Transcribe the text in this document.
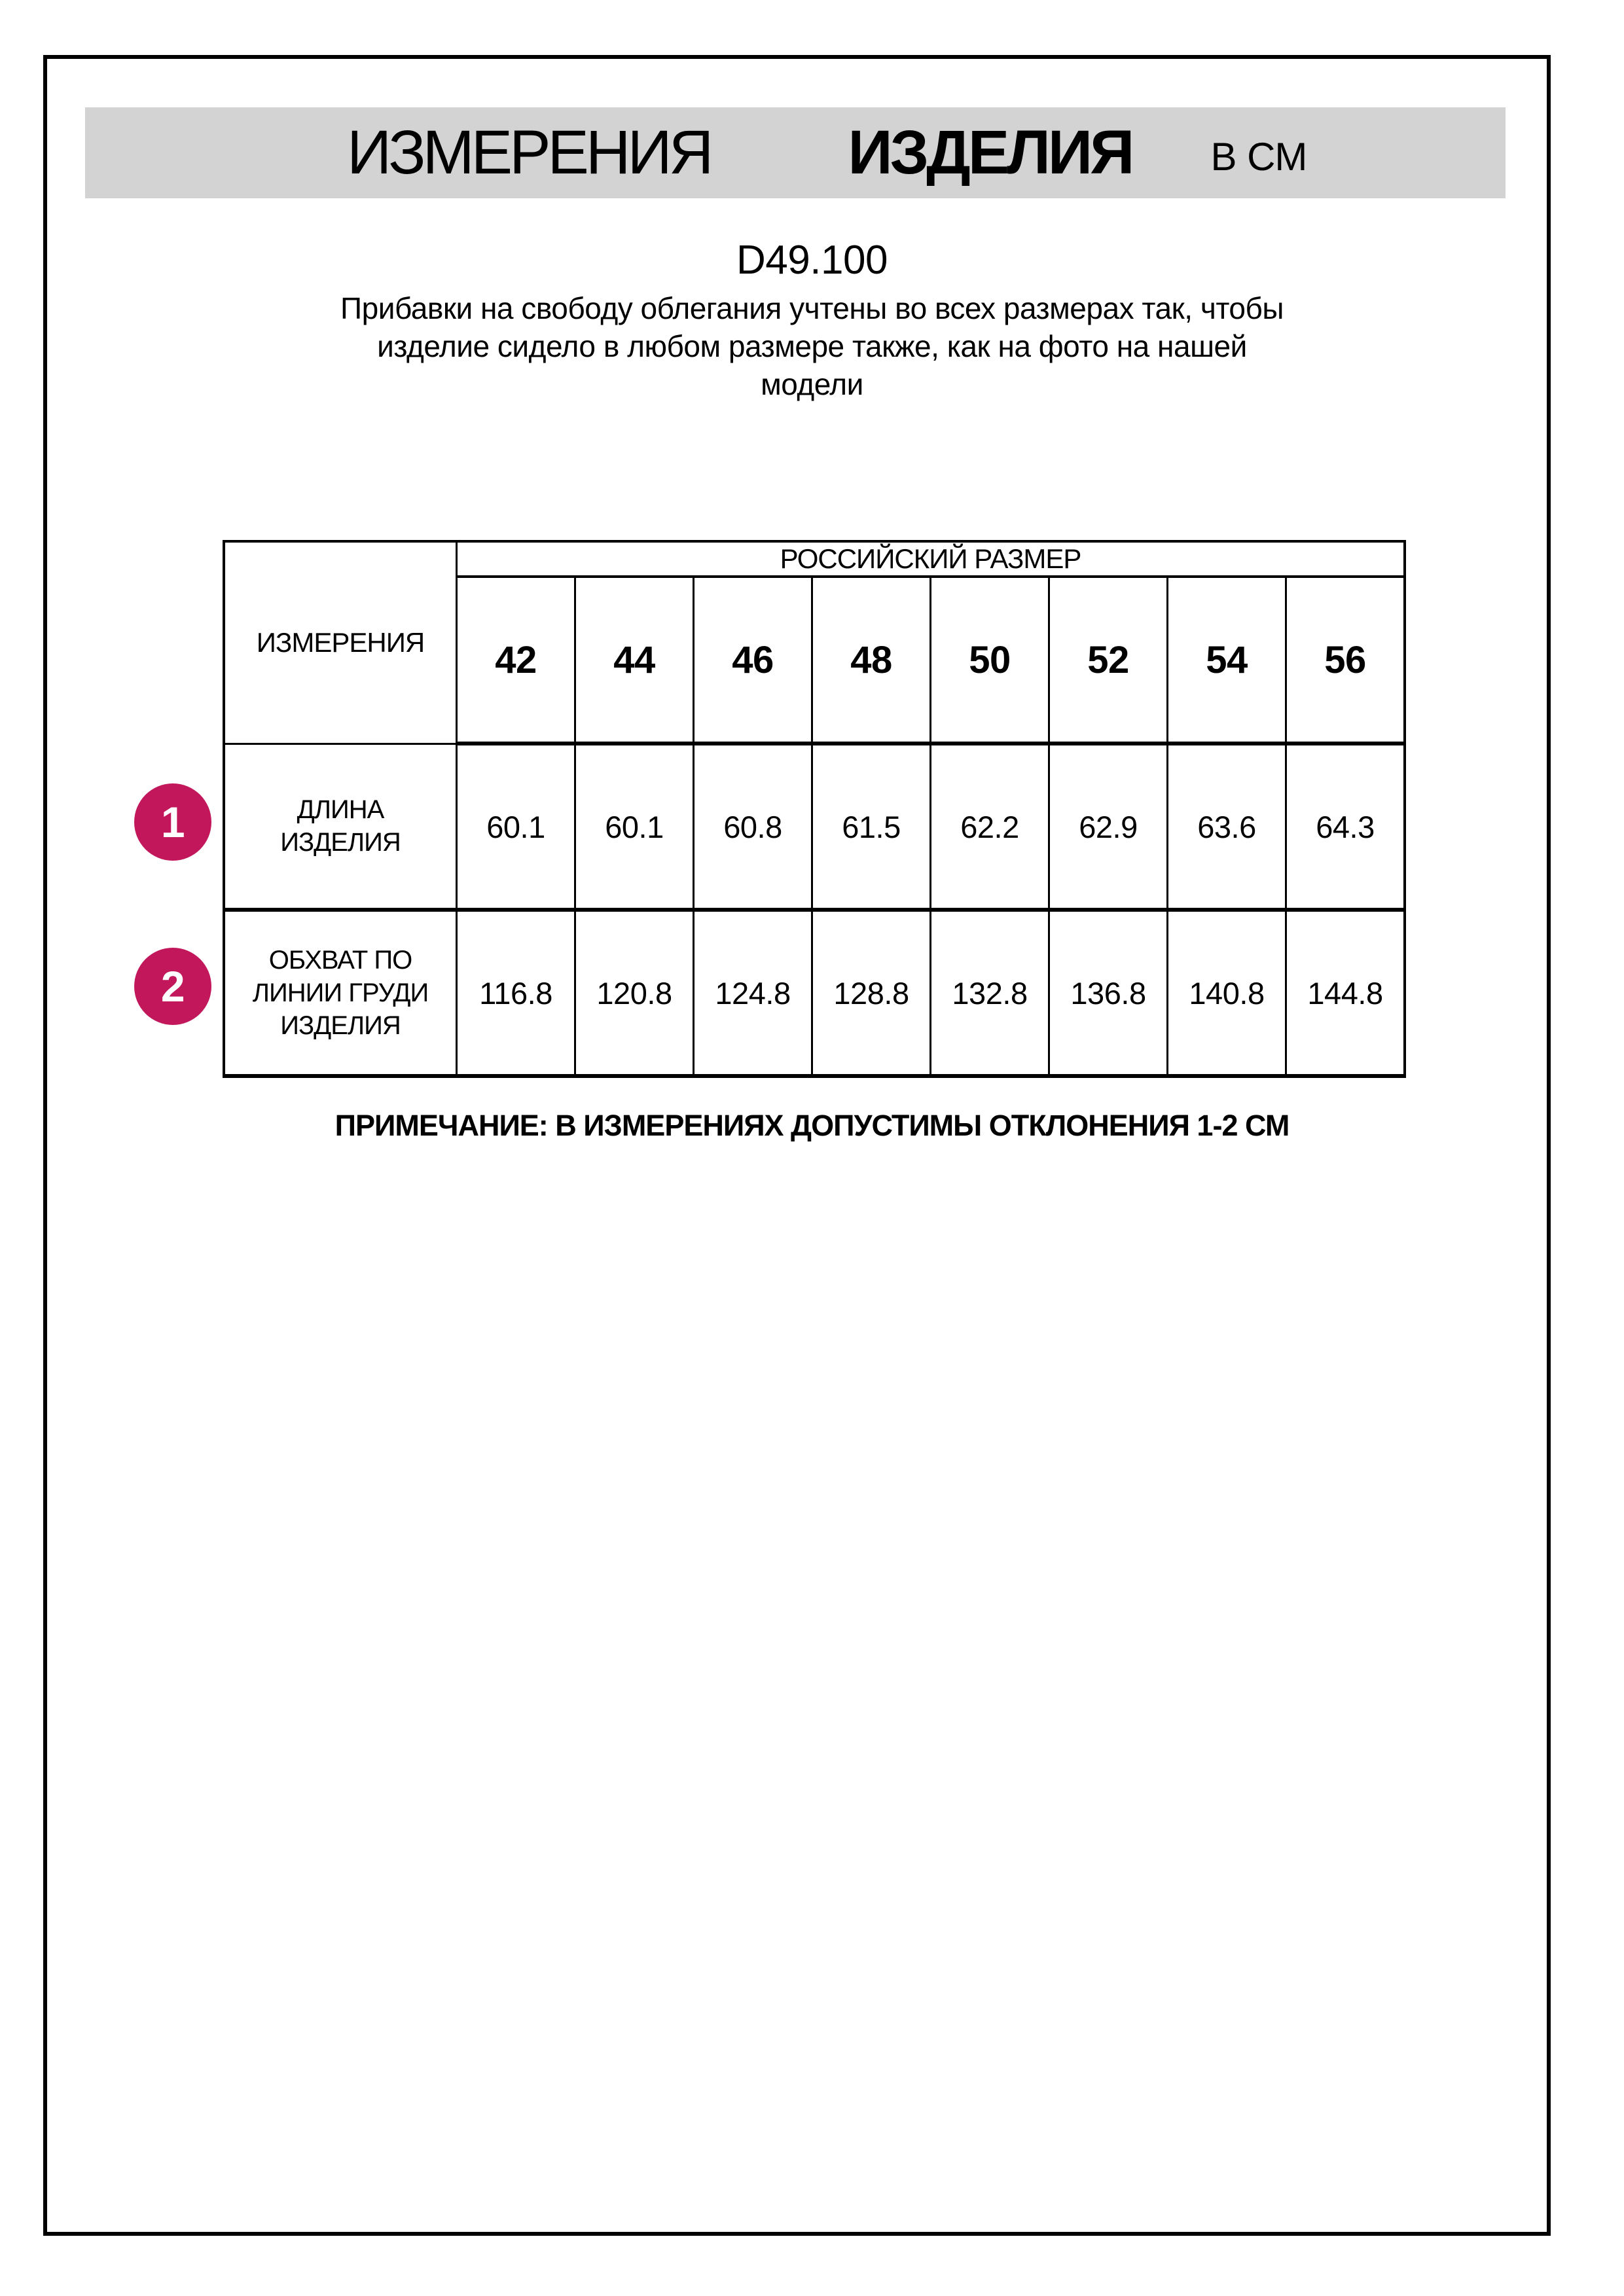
ИЗМЕРЕНИЯ ИЗДЕЛИЯ В СМ
D49.100
Прибавки на свободу облегания учтены во всех размерах так, чтобы
изделие сидело в любом размере также, как на фото на нашей
модели
ИЗМЕРЕНИЯ	РОССИЙСКИЙ РАЗМЕР							
	42	44	46	48	50	52	54	56

ДЛИНА
ИЗДЕЛИЯ	60.1	60.1	60.8	61.5	62.2	62.9	63.6	64.3

ОБХВАТ ПО
ЛИНИИ ГРУДИ
ИЗДЕЛИЯ	116.8	120.8	124.8	128.8	132.8	136.8	140.8	144.8
1
2
ПРИМЕЧАНИЕ: В ИЗМЕРЕНИЯХ ДОПУСТИМЫ ОТКЛОНЕНИЯ 1-2 СМ
